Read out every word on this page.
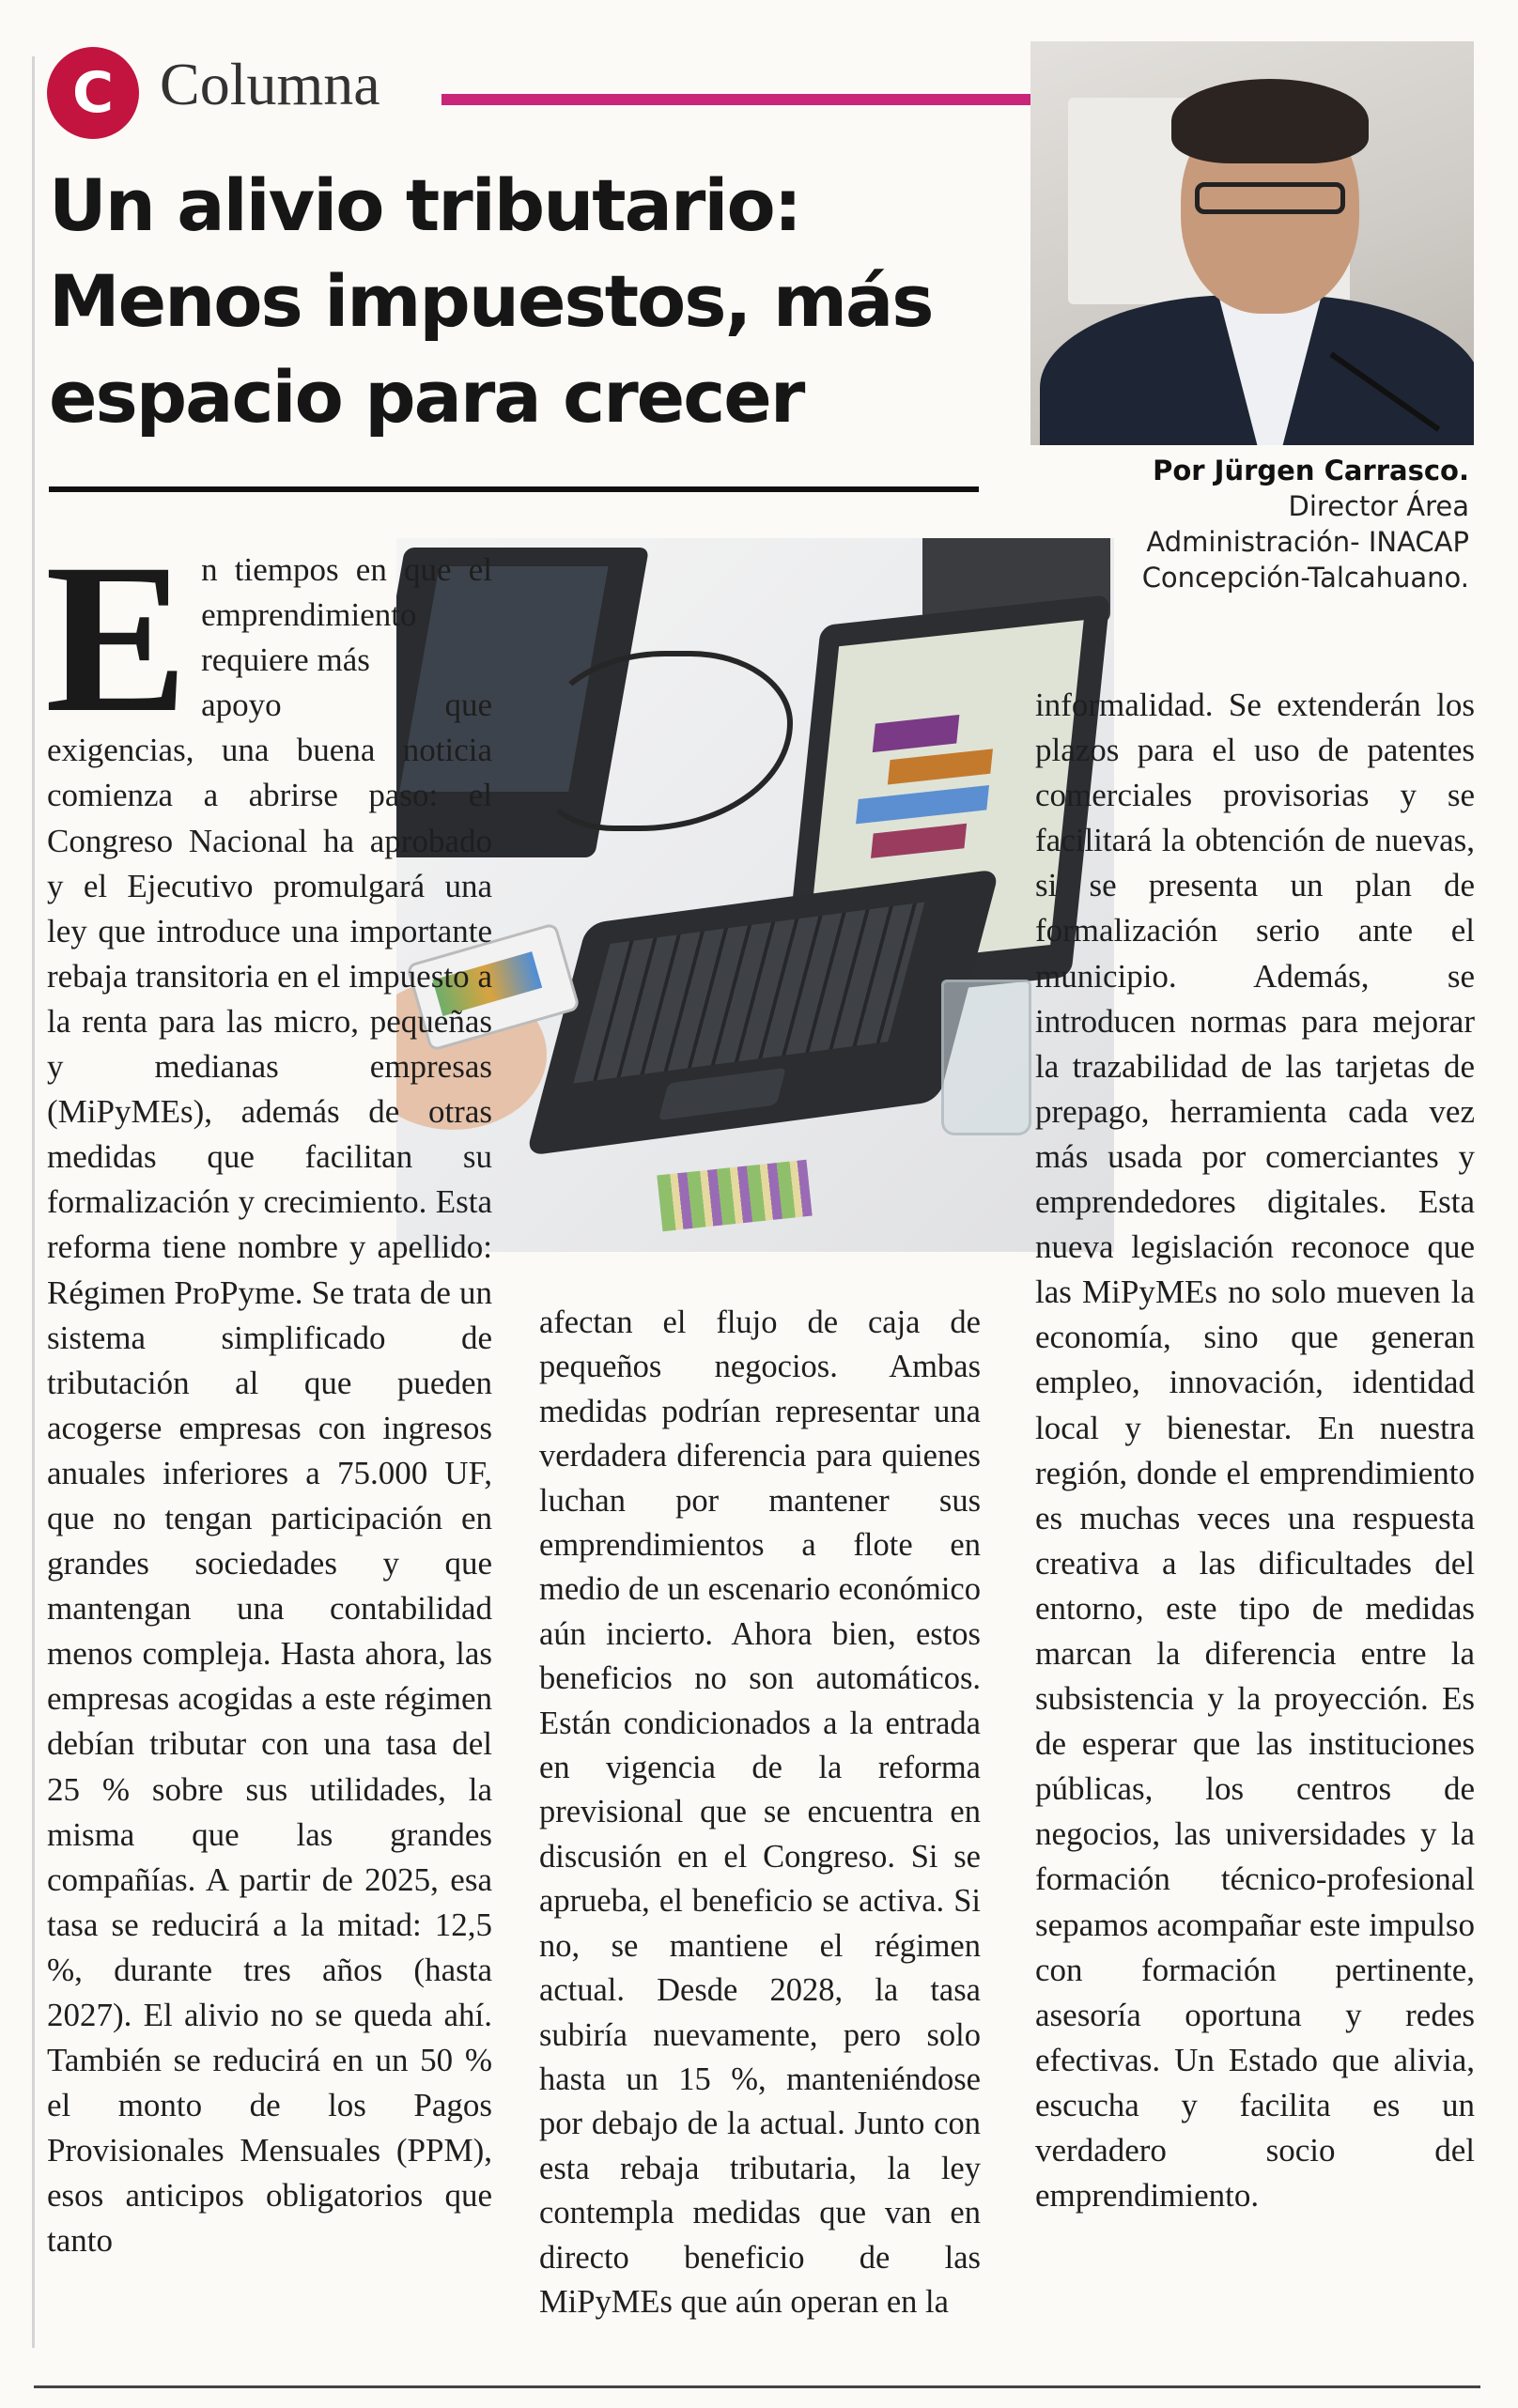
C Columna
Un alivio tributario:
Menos impuestos, más
espacio para crecer
Por Jürgen Carrasco.
Director Área
Administración- INACAP
Concepción-Talcahuano.

E n tiempos en que el emprendimiento requiere más
apoyo que exigencias, una buena noticia comienza a abrirse paso: el Congreso Nacional ha aprobado y el Ejecutivo promulgará una ley que introduce una importante rebaja transitoria en el impuesto a la renta para las micro, pequeñas y medianas empresas (MiPyMEs), además de otras medidas que facilitan su formalización y crecimiento. Esta reforma tiene nombre y apellido: Régimen ProPyme. Se trata de un sistema simplificado de tributación al que pueden acogerse empresas con ingresos anuales inferiores a 75.000 UF, que no tengan participación en grandes sociedades y que mantengan una contabilidad menos compleja. Hasta ahora, las empresas acogidas a este régimen debían tributar con una tasa del 25 % sobre sus utilidades, la misma que las grandes compañías. A partir de 2025, esa tasa se reducirá a la mitad: 12,5 %, durante tres años (hasta 2027). El alivio no se queda ahí. También se reducirá en un 50 % el monto de los Pagos Provisionales Mensuales (PPM), esos anticipos obligatorios que tanto

afectan el flujo de caja de pequeños negocios. Ambas medidas podrían representar una verdadera diferencia para quienes luchan por mantener sus emprendimientos a flote en medio de un escenario económico aún incierto. Ahora bien, estos beneficios no son automáticos. Están condicionados a la entrada en vigencia de la reforma previsional que se encuentra en discusión en el Congreso. Si se aprueba, el beneficio se activa. Si no, se mantiene el régimen actual. Desde 2028, la tasa subiría nuevamente, pero solo hasta un 15 %, manteniéndose por debajo de la actual. Junto con esta rebaja tributaria, la ley contempla medidas que van en directo beneficio de las MiPyMEs que aún operan en la

informalidad. Se extenderán los plazos para el uso de patentes comerciales provisorias y se facilitará la obtención de nuevas, si se presenta un plan de formalización serio ante el municipio. Además, se introducen normas para mejorar la trazabilidad de las tarjetas de prepago, herramienta cada vez más usada por comerciantes y emprendedores digitales. Esta nueva legislación reconoce que las MiPyMEs no solo mueven la economía, sino que generan empleo, innovación, identidad local y bienestar. En nuestra región, donde el emprendimiento es muchas veces una respuesta creativa a las dificultades del entorno, este tipo de medidas marcan la diferencia entre la subsistencia y la proyección. Es de esperar que las instituciones públicas, los centros de negocios, las universidades y la formación técnico-profesional sepamos acompañar este impulso con formación pertinente, asesoría oportuna y redes efectivas. Un Estado que alivia, escucha y facilita es un verdadero socio del emprendimiento.
